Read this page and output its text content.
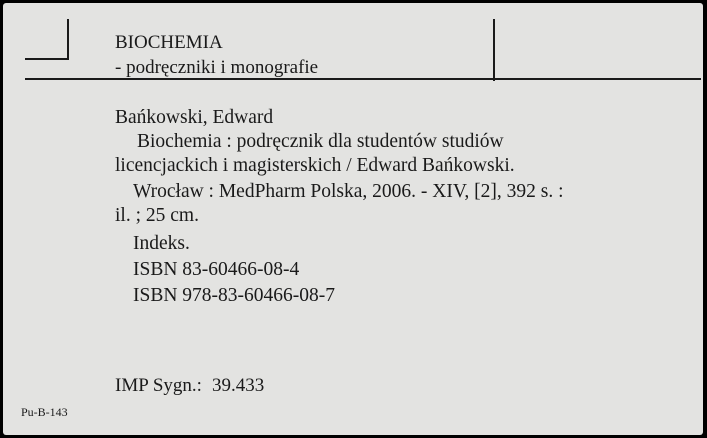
BIOCHEMIA
- podręczniki i monografie
Bańkowski, Edward
Biochemia : podręcznik dla studentów studiów
licencjackich i magisterskich / Edward Bańkowski.
Wrocław : MedPharm Polska, 2006. - XIV, [2], 392 s. :
il. ; 25 cm.
Indeks.
ISBN 83-60466-08-4
ISBN 978-83-60466-08-7
IMP Sygn.: 39.433
Pu-B-143
